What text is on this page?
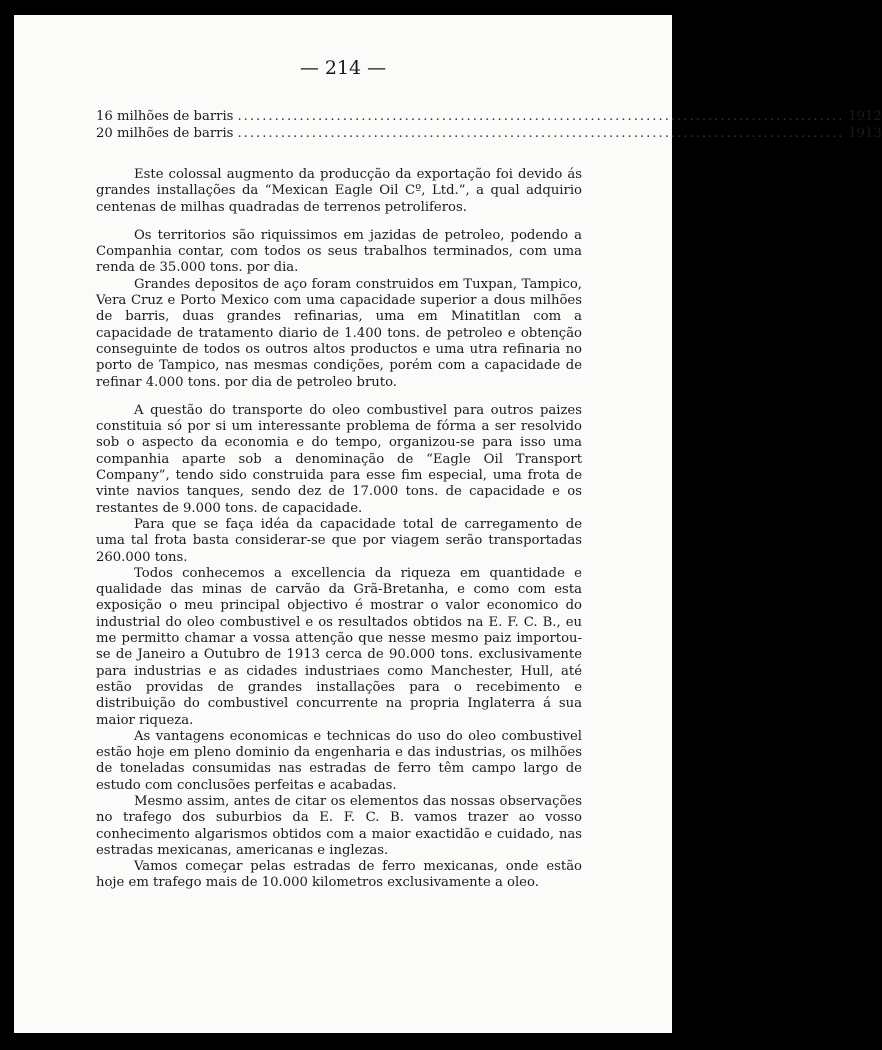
— 214 —
16 milhões de barris .................................................................................................. 1912
20 milhões de barris .................................................................................................. 1913

Este colossal augmento da producção da exportação foi devido ás grandes installações da “Mexican Eagle Oil Cº, Ltd.”, a qual adquirio centenas de milhas quadradas de terrenos petroliferos.

Os territorios são riquissimos em jazidas de petroleo, podendo a Companhia contar, com todos os seus trabalhos terminados, com uma renda de 35.000 tons. por dia.

Grandes depositos de aço foram construidos em Tuxpan, Tampico, Vera Cruz e Porto Mexico com uma capacidade superior a dous milhões de barris, duas grandes refinarias, uma em Minatitlan com a capacidade de tratamento diario de 1.400 tons. de petroleo e obtenção conseguinte de todos os outros altos productos e uma utra refinaria no porto de Tampico, nas mesmas condições, porém com a capacidade de refinar 4.000 tons. por dia de petroleo bruto.

A questão do transporte do oleo combustivel para outros paizes constituia só por si um interessante problema de fórma a ser resolvido sob o aspecto da economia e do tempo, organizou-se para isso uma companhia aparte sob a denominação de “Eagle Oil Transport Company”, tendo sido construida para esse fim especial, uma frota de vinte navios tanques, sendo dez de 17.000 tons. de capacidade e os restantes de 9.000 tons. de capacidade.

Para que se faça idéa da capacidade total de carregamento de uma tal frota basta considerar-se que por viagem serão transportadas 260.000 tons.

Todos conhecemos a excellencia da riqueza em quantidade e qualidade das minas de carvão da Grã-Bretanha, e como com esta exposição o meu principal objectivo é mostrar o valor economico do industrial do oleo combustivel e os resultados obtidos na E. F. C. B., eu me permitto chamar a vossa attenção que nesse mesmo paiz importou-se de Janeiro a Outubro de 1913 cerca de 90.000 tons. exclusivamente para industrias e as cidades industriaes como Manchester, Hull, até estão providas de grandes installações para o recebimento e distribuição do combustivel concurrente na propria Inglaterra á sua maior riqueza.

As vantagens economicas e technicas do uso do oleo combustivel estão hoje em pleno dominio da engenharia e das industrias, os milhões de toneladas consumidas nas estradas de ferro têm campo largo de estudo com conclusões perfeitas e acabadas.

Mesmo assim, antes de citar os elementos das nossas observações no trafego dos suburbios da E. F. C. B. vamos trazer ao vosso conhecimento algarismos obtidos com a maior exactidão e cuidado, nas estradas mexicanas, americanas e inglezas.

Vamos começar pelas estradas de ferro mexicanas, onde estão hoje em trafego mais de 10.000 kilometros exclusivamente a oleo.
